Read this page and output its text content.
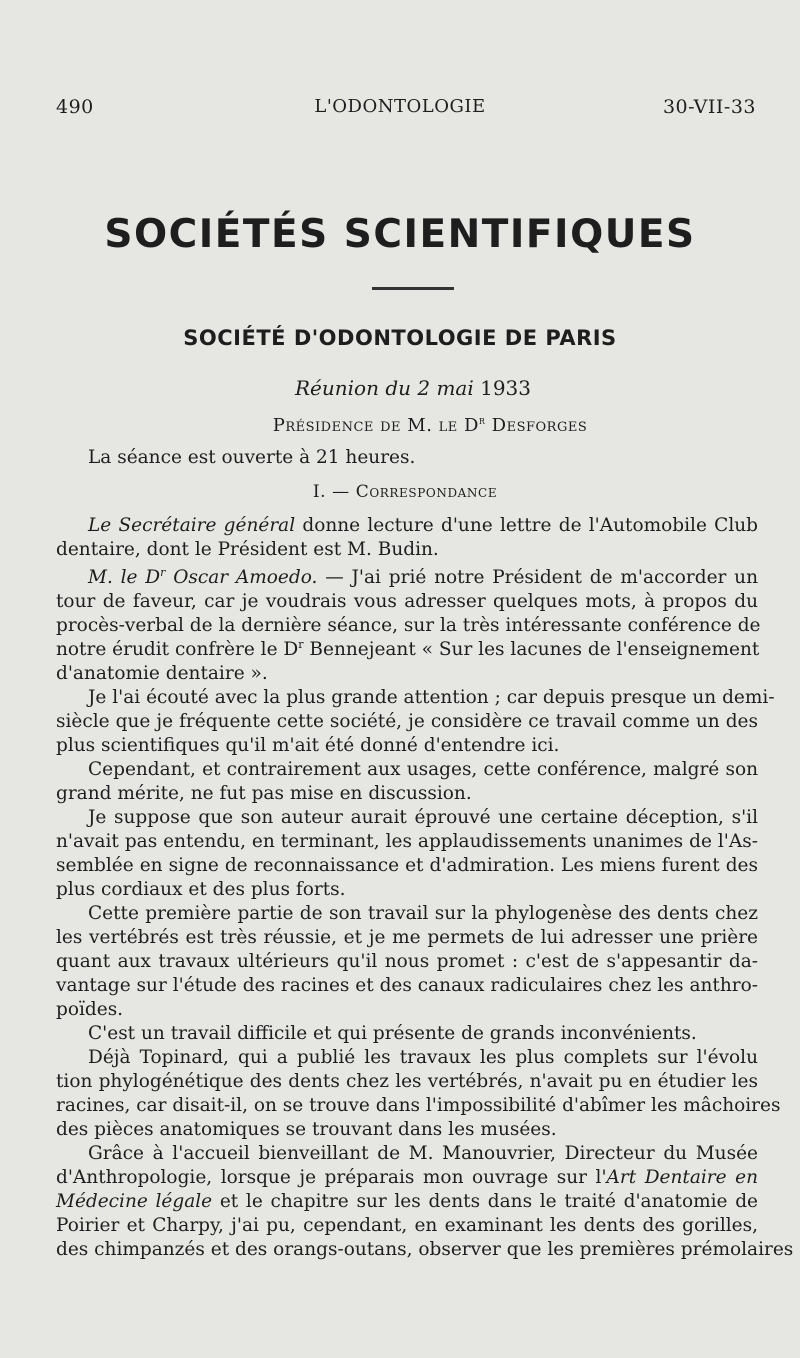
490	L'ODONTOLOGIE	30-VII-33
SOCIÉTÉS SCIENTIFIQUES
SOCIÉTÉ D'ODONTOLOGIE DE PARIS
Réunion du 2 mai 1933
Présidence de M. le $D^r$ Desforges
La séance est ouverte à 21 heures.
I. — Correspondance
Le Secrétaire général donne lecture d'une lettre de l'Automobile Club
dentaire, dont le Président est M. Budin.
M. le $D^r$ Oscar Amoedo. — J'ai prié notre Président de m'accorder un
tour de faveur, car je voudrais vous adresser quelques mots, à propos du
procès-verbal de la dernière séance, sur la très intéressante conférence de
notre érudit confrère le $D^r$ Bennejeant « Sur les lacunes de l'enseignement
d'anatomie dentaire ».
Je l'ai écouté avec la plus grande attention ; car depuis presque un demi-
siècle que je fréquente cette société, je considère ce travail comme un des
plus scientifiques qu'il m'ait été donné d'entendre ici.
Cependant, et contrairement aux usages, cette conférence, malgré son
grand mérite, ne fut pas mise en discussion.
Je suppose que son auteur aurait éprouvé une certaine déception, s'il
n'avait pas entendu, en terminant, les applaudissements unanimes de l'As-
semblée en signe de reconnaissance et d'admiration. Les miens furent des
plus cordiaux et des plus forts.
Cette première partie de son travail sur la phylogenèse des dents chez
les vertébrés est très réussie, et je me permets de lui adresser une prière
quant aux travaux ultérieurs qu'il nous promet : c'est de s'appesantir da-
vantage sur l'étude des racines et des canaux radiculaires chez les anthro-
poïdes.
C'est un travail difficile et qui présente de grands inconvénients.
Déjà Topinard, qui a publié les travaux les plus complets sur l'évolu
tion phylogénétique des dents chez les vertébrés, n'avait pu en étudier les
racines, car disait-il, on se trouve dans l'impossibilité d'abîmer les mâchoires
des pièces anatomiques se trouvant dans les musées.
Grâce à l'accueil bienveillant de M. Manouvrier, Directeur du Musée
d'Anthropologie, lorsque je préparais mon ouvrage sur l'Art Dentaire en
Médecine légale et le chapitre sur les dents dans le traité d'anatomie de
Poirier et Charpy, j'ai pu, cependant, en examinant les dents des gorilles,
des chimpanzés et des orangs-outans, observer que les premières prémolaires
